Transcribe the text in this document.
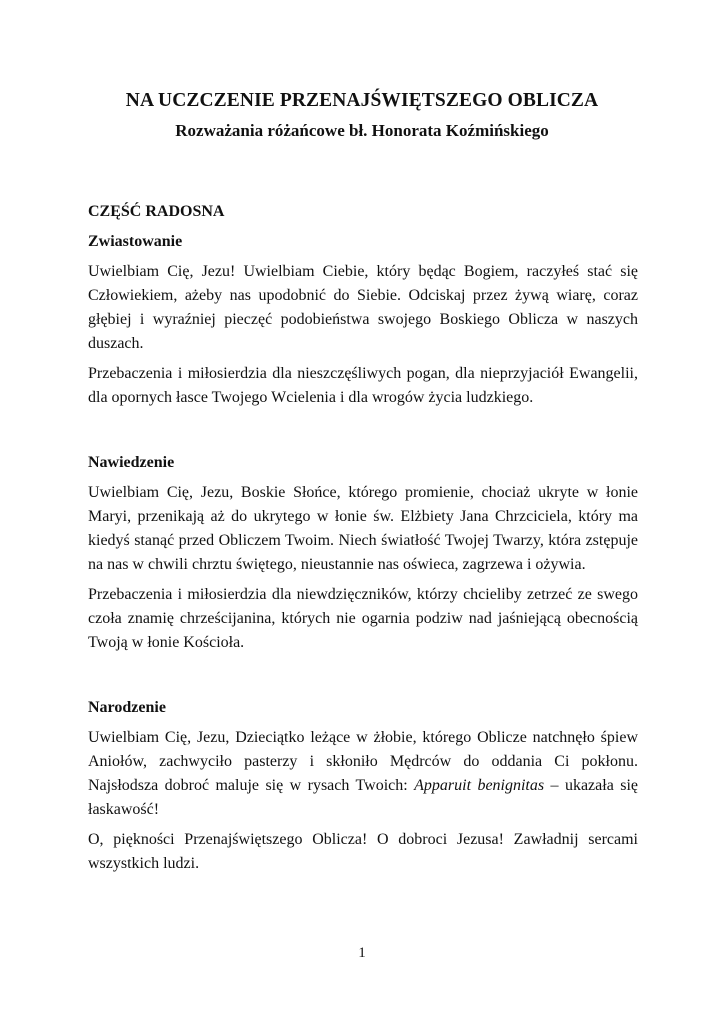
NA UCZCZENIE PRZENAJŚWIĘTSZEGO OBLICZA
Rozważania różańcowe bł. Honorata Koźmińskiego

CZĘŚĆ RADOSNA

Zwiastowanie

Uwielbiam Cię, Jezu! Uwielbiam Ciebie, który będąc Bogiem, raczyłeś stać się Człowiekiem, ażeby nas upodobnić do Siebie. Odciskaj przez żywą wiarę, coraz głębiej i wyraźniej pieczęć podobieństwa swojego Boskiego Oblicza w naszych duszach.

Przebaczenia i miłosierdzia dla nieszczęśliwych pogan, dla nieprzyjaciół Ewangelii, dla opornych łasce Twojego Wcielenia i dla wrogów życia ludzkiego.

Nawiedzenie

Uwielbiam Cię, Jezu, Boskie Słońce, którego promienie, chociaż ukryte w łonie Maryi, przenikają aż do ukrytego w łonie św. Elżbiety Jana Chrzciciela, który ma kiedyś stanąć przed Obliczem Twoim. Niech światłość Twojej Twarzy, która zstępuje na nas w chwili chrztu świętego, nieustannie nas oświeca, zagrzewa i ożywia.

Przebaczenia i miłosierdzia dla niewdzięczników, którzy chcieliby zetrzeć ze swego czoła znamię chrześcijanina, których nie ogarnia podziw nad jaśniejącą obecnością Twoją w łonie Kościoła.

Narodzenie

Uwielbiam Cię, Jezu, Dzieciątko leżące w żłobie, którego Oblicze natchnęło śpiew Aniołów, zachwyciło pasterzy i skłoniło Mędrców do oddania Ci pokłonu. Najsłodsza dobroć maluje się w rysach Twoich: Apparuit benignitas – ukazała się łaskawość!

O, piękności Przenajświętszego Oblicza! O dobroci Jezusa! Zawładnij sercami wszystkich ludzi.

1
